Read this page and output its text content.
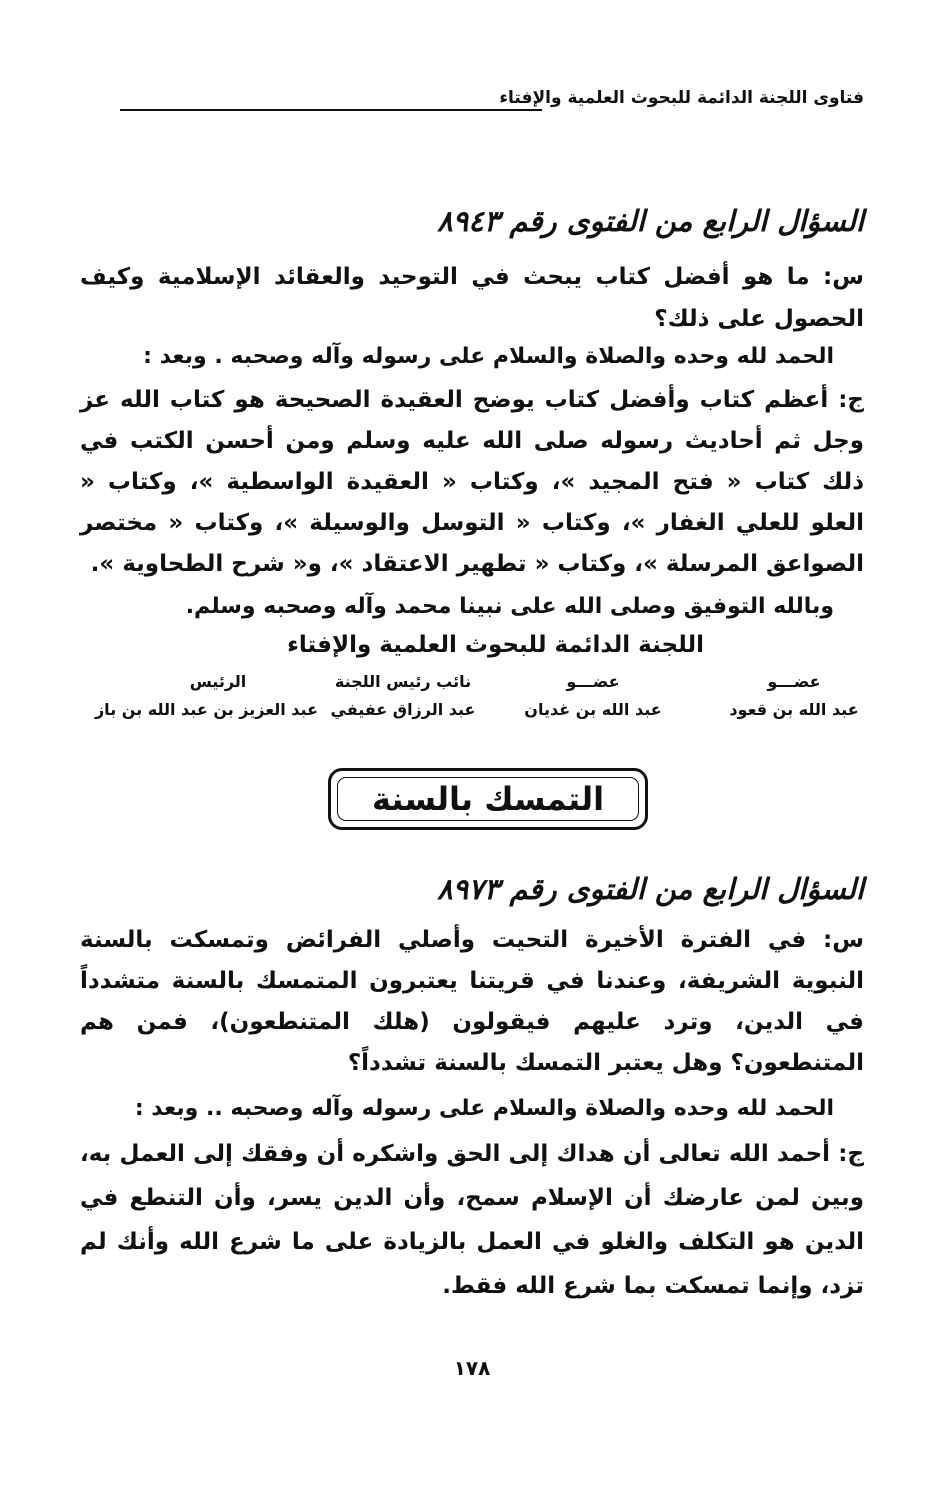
فتاوى اللجنة الدائمة للبحوث العلمية والإفتاء
السؤال الرابع من الفتوى رقم ٨٩٤٣

س: ما هو أفضل كتاب يبحث في التوحيد والعقائد الإسلامية وكيف الحصول على ذلك؟

الحمد لله وحده والصلاة والسلام على رسوله وآله وصحبه . وبعد :

ج: أعظم كتاب وأفضل كتاب يوضح العقيدة الصحيحة هو كتاب الله عز وجل ثم أحاديث رسوله صلى الله عليه وسلم ومن أحسن الكتب في ذلك كتاب « فتح المجيد »، وكتاب « العقيدة الواسطية »، وكتاب « العلو للعلي الغفار »، وكتاب « التوسل والوسيلة »، وكتاب « مختصر الصواعق المرسلة »، وكتاب « تطهير الاعتقاد »، و« شرح الطحاوية ».

وبالله التوفيق وصلى الله على نبينا محمد وآله وصحبه وسلم.
اللجنة الدائمة للبحوث العلمية والإفتاء
عضـــو
عبد الله بن قعود
عضـــو
عبد الله بن غديان
نائب رئيس اللجنة
عبد الرزاق عفيفي
الرئيس
عبد العزيز بن عبد الله بن باز
التمسك بالسنة
السؤال الرابع من الفتوى رقم ٨٩٧٣

س: في الفترة الأخيرة التحيت وأصلي الفرائض وتمسكت بالسنة النبوية الشريفة، وعندنا في قريتنا يعتبرون المتمسك بالسنة متشدداً في الدين، وترد عليهم فيقولون (هلك المتنطعون)، فمن هم المتنطعون؟ وهل يعتبر التمسك بالسنة تشدداً؟

الحمد لله وحده والصلاة والسلام على رسوله وآله وصحبه .. وبعد :

ج: أحمد الله تعالى أن هداك إلى الحق واشكره أن وفقك إلى العمل به، وبين لمن عارضك أن الإسلام سمح، وأن الدين يسر، وأن التنطع في الدين هو التكلف والغلو في العمل بالزيادة على ما شرع الله وأنك لم تزد، وإنما تمسكت بما شرع الله فقط.

١٧٨
